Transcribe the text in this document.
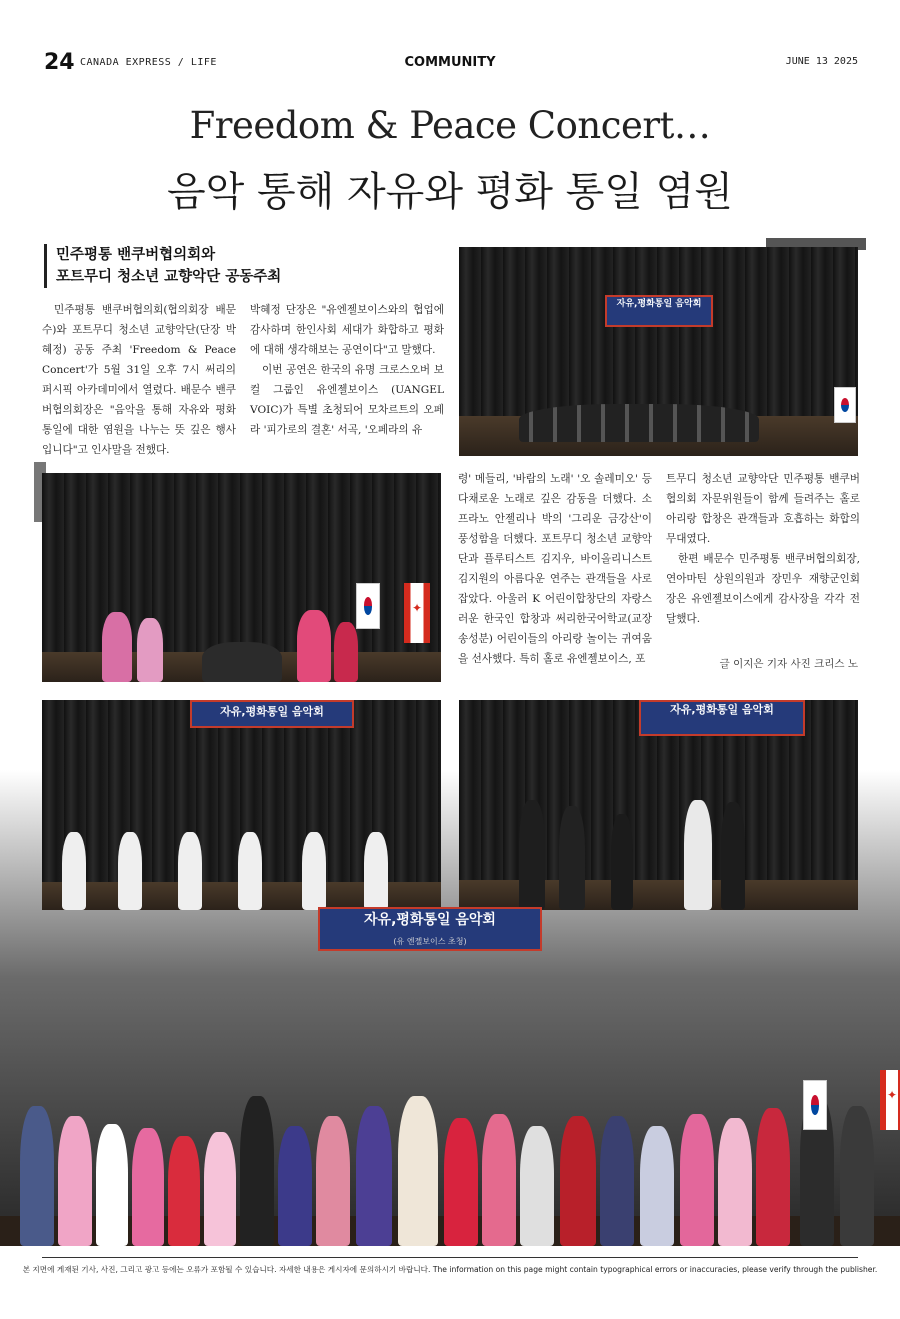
24 CANADA EXPRESS / LIFE	COMMUNITY	JUNE 13 2025
Freedom & Peace Concert…
음악 통해 자유와 평화 통일 염원
민주평통 밴쿠버협의회와
포트무디 청소년 교향악단 공동주최

민주평통 밴쿠버협의회(협의회장 배문수)와 포트무디 청소년 교향악단(단장 박혜정) 공동 주최 'Freedom & Peace Concert'가 5월 31일 오후 7시 써리의 퍼시픽 아카데미에서 열렸다. 배문수 밴쿠버협의회장은 "음악을 통해 자유와 평화 통일에 대한 염원을 나누는 뜻 깊은 행사입니다"고 인사말을 전했다.

박혜정 단장은 "유엔젤보이스와의 협업에 감사하며 한인사회 세대가 화합하고 평화에 대해 생각해보는 공연이다"고 말했다.

이번 공연은 한국의 유명 크로스오버 보컬 그룹인 유엔젤보이스 (UANGEL VOIC)가 특별 초청되어 모차르트의 오페라 '피가로의 결혼' 서곡, '오페라의 유

령' 메들리, '바람의 노래' '오 솔레미오' 등 다채로운 노래로 깊은 감동을 더했다. 소프라노 안젤리나 박의 '그리운 금강산'이 풍성함을 더했다. 포트무디 청소년 교향악단과 플루티스트 김지우, 바이올리니스트 김지원의 아름다운 연주는 관객들을 사로잡았다. 아울러 K 어린이합창단의 자랑스러운 한국인 합창과 써리한국어학교(교장 송성분) 어린이들의 아리랑 놀이는 귀여움을 선사했다. 특히 홀로 유엔젤보이스, 포

트무디 청소년 교향악단 민주평통 밴쿠버협의회 자문위원들이 함께 들려주는 홀로 아리랑 합창은 관객들과 호흡하는 화합의 무대였다.

한편 배문수 민주평통 밴쿠버협의회장, 연아마틴 상원의원과 장민우 재향군인회장은 유엔젤보이스에게 감사장을 각각 전달했다.

글 이지은 기자 사진 크리스 노
자유,평화통일 음악회
✦
자유,평화통일 음악회	자유,평화통일 음악회
✦
자유,평화통일 음악회
(유 엔젤보이스 초청)
본 지면에 게재된 기사, 사진, 그리고 광고 등에는 오류가 포함될 수 있습니다. 자세한 내용은 게시자에 문의하시기 바랍니다. The information on this page might contain typographical errors or inaccuracies, please verify through the publisher.
